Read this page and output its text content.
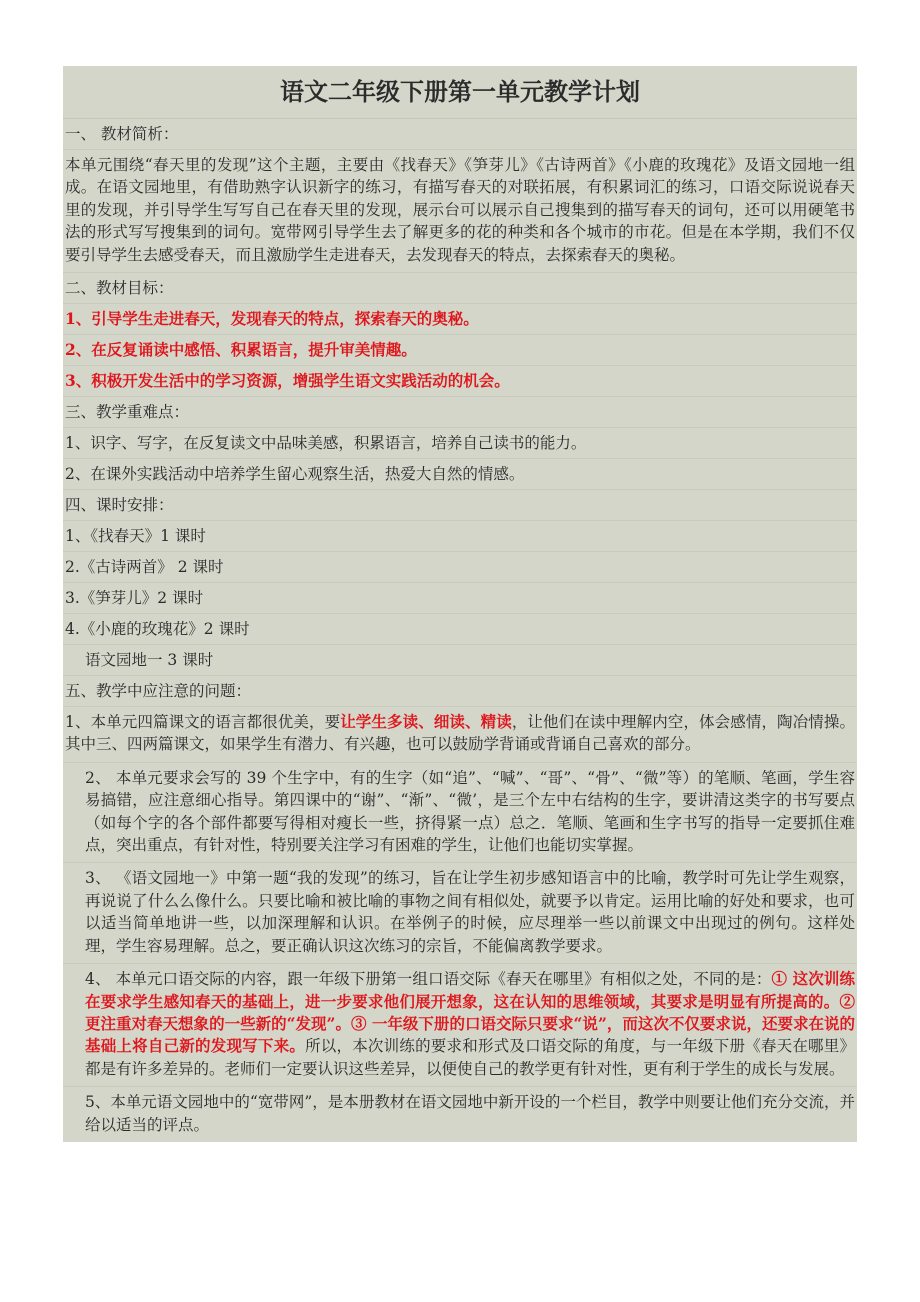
语文二年级下册第一单元教学计划
一、 教材简析：
本单元围绕“春天里的发现”这个主题，主要由《找春天》《笋芽儿》《古诗两首》《小鹿的玫瑰花》及语文园地一组成。在语文园地里，有借助熟字认识新字的练习，有描写春天的对联拓展，有积累词汇的练习，口语交际说说春天里的发现，并引导学生写写自己在春天里的发现，展示台可以展示自己搜集到的描写春天的词句，还可以用硬笔书法的形式写写搜集到的词句。宽带网引导学生去了解更多的花的种类和各个城市的市花。但是在本学期，我们不仅要引导学生去感受春天，而且激励学生走进春天，去发现春天的特点，去探索春天的奥秘。
二、教材目标：
1、引导学生走进春天，发现春天的特点，探索春天的奥秘。
2、在反复诵读中感悟、积累语言，提升审美情趣。
3、积极开发生活中的学习资源，增强学生语文实践活动的机会。
三、教学重难点：
1、识字、写字，在反复读文中品味美感，积累语言，培养自己读书的能力。
2、在课外实践活动中培养学生留心观察生活，热爱大自然的情感。
四、课时安排：
1、《找春天》1 课时
2.《古诗两首》 2 课时
3.《笋芽儿》2 课时
4.《小鹿的玫瑰花》2 课时
语文园地一 3 课时
五、教学中应注意的问题：
1、本单元四篇课文的语言都很优美，要让学生多读、细读、精读，让他们在读中理解内空，体会感情，陶冶情操。其中三、四两篇课文，如果学生有潜力、有兴趣，也可以鼓励学背诵或背诵自己喜欢的部分。
2、 本单元要求会写的 39 个生字中，有的生字（如“追”、“喊”、“哥”、“骨”、“微”等）的笔顺、笔画，学生容易搞错，应注意细心指导。第四课中的“谢”、“渐”、“微’，是三个左中右结构的生字，要讲清这类字的书写要点（如每个字的各个部件都要写得相对瘦长一些，挤得紧一点）总之．笔顺、笔画和生字书写的指导一定要抓住难点，突出重点，有针对性，特别要关注学习有困难的学生，让他们也能切实掌握。
3、 《语文园地一》中第一题“我的发现”的练习，旨在让学生初步感知语言中的比喻，教学时可先让学生观察，再说说了什么么像什么。只要比喻和被比喻的事物之间有相似处，就要予以肯定。运用比喻的好处和要求，也可以适当简单地讲一些，以加深理解和认识。在举例子的时候，应尽理举一些以前课文中出现过的例句。这样处理，学生容易理解。总之，要正确认识这次练习的宗旨，不能偏离教学要求。
4、 本单元口语交际的内容，跟一年级下册第一组口语交际《春天在哪里》有相似之处，不同的是：① 这次训练在要求学生感知春天的基础上，进一步要求他们展开想象，这在认知的思维领域，其要求是明显有所提高的。② 更注重对春天想象的一些新的“发现”。③ 一年级下册的口语交际只要求“说”，而这次不仅要求说，还要求在说的基础上将自己新的发现写下来。所以，本次训练的要求和形式及口语交际的角度，与一年级下册《春天在哪里》都是有许多差异的。老师们一定要认识这些差异，以便使自己的教学更有针对性，更有利于学生的成长与发展。
5、本单元语文园地中的“宽带网”，是本册教材在语文园地中新开设的一个栏目，教学中则要让他们充分交流，并给以适当的评点。
